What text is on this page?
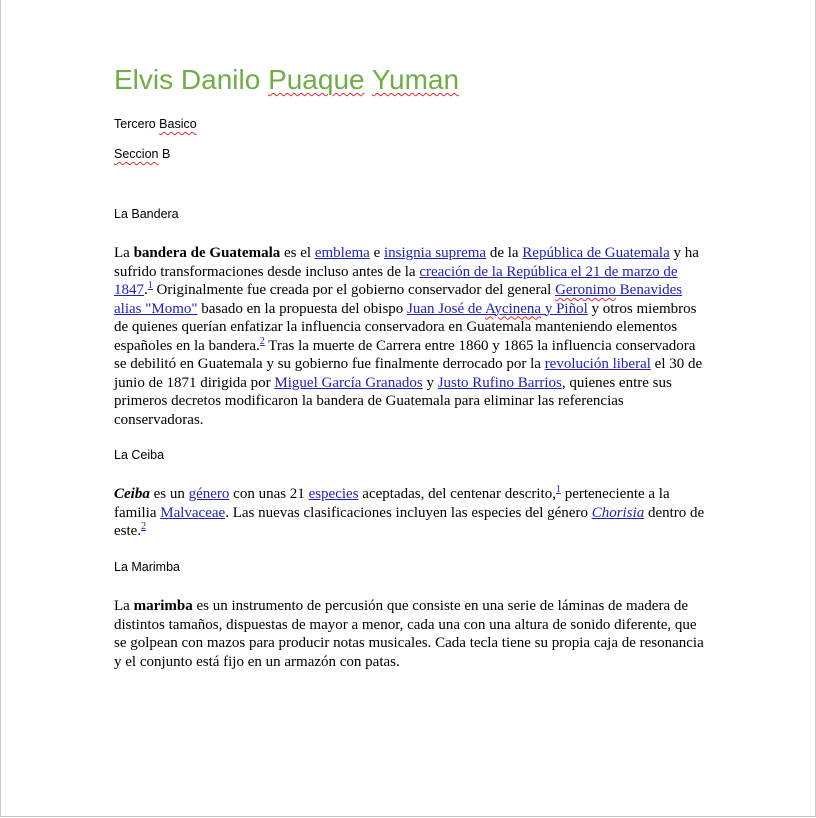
Elvis Danilo Puaque Yuman
Tercero Basico
Seccion B
La Bandera

La bandera de Guatemala es el emblema e insignia suprema de la República de Guatemala y ha sufrido transformaciones desde incluso antes de la creación de la República el 21 de marzo de 1847.$^1$ Originalmente fue creada por el gobierno conservador del general Geronimo Benavides alias "Momo" basado en la propuesta del obispo Juan José de Aycinena y Piñol y otros miembros de quienes querían enfatizar la influencia conservadora en Guatemala manteniendo elementos españoles en la bandera.$^2$ Tras la muerte de Carrera entre 1860 y 1865 la influencia conservadora se debilitó en Guatemala y su gobierno fue finalmente derrocado por la revolución liberal el 30 de junio de 1871 dirigida por Miguel García Granados y Justo Rufino Barrios, quienes entre sus primeros decretos modificaron la bandera de Guatemala para eliminar las referencias conservadoras.

La Ceiba

Ceiba es un género con unas 21 especies aceptadas, del centenar descrito,$^1$ perteneciente a la familia Malvaceae. Las nuevas clasificaciones incluyen las especies del género Chorisia dentro de este.$^2$

La Marimba

La marimba es un instrumento de percusión que consiste en una serie de láminas de madera de distintos tamaños, dispuestas de mayor a menor, cada una con una altura de sonido diferente, que se golpean con mazos para producir notas musicales. Cada tecla tiene su propia caja de resonancia y el conjunto está fijo en un armazón con patas.
